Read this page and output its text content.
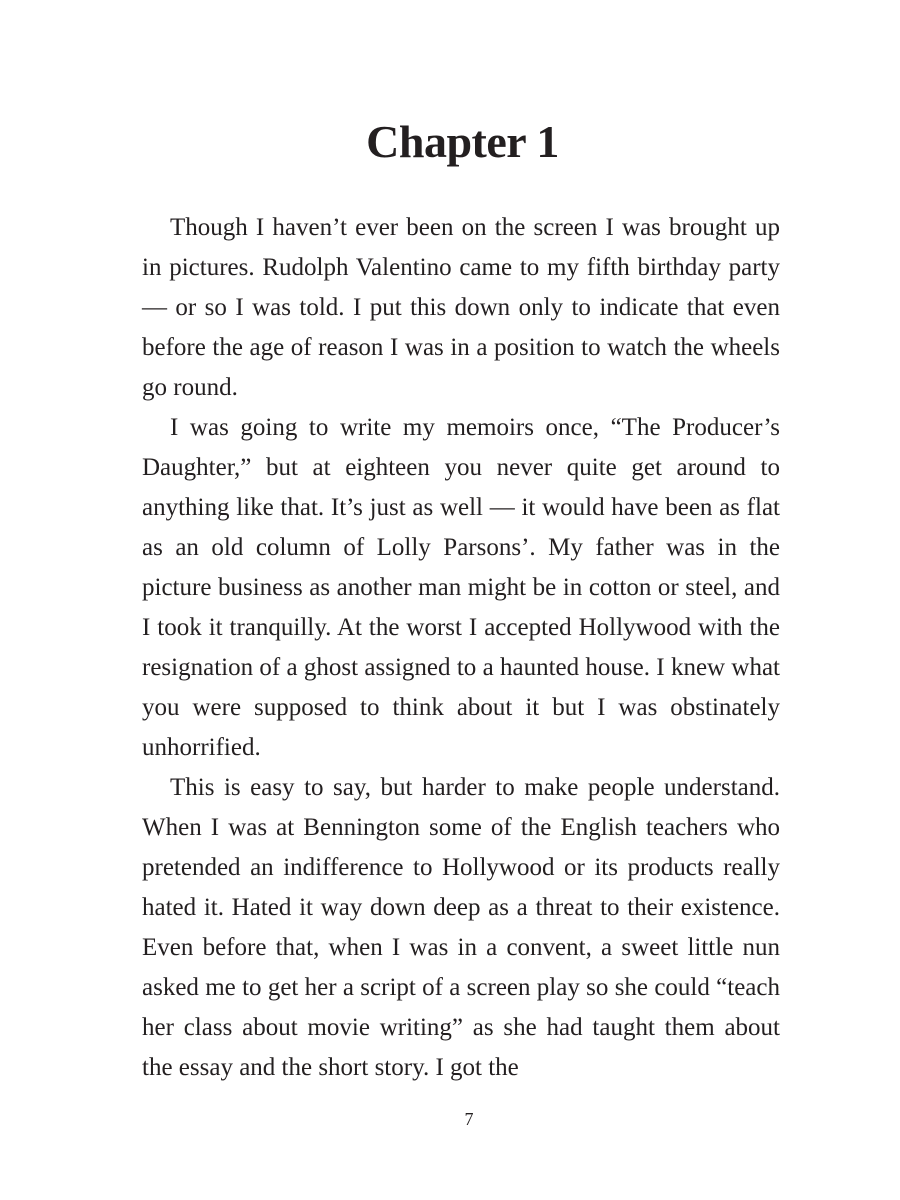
Chapter 1

Though I haven’t ever been on the screen I was brought up in pictures. Rudolph Valentino came to my fifth birthday party — or so I was told. I put this down only to indicate that even before the age of reason I was in a position to watch the wheels go round.

I was going to write my memoirs once, “The Producer’s Daughter,” but at eighteen you never quite get around to anything like that. It’s just as well — it would have been as flat as an old column of Lolly Parsons’. My father was in the picture business as another man might be in cotton or steel, and I took it tranquilly. At the worst I accepted Hollywood with the resignation of a ghost assigned to a haunted house. I knew what you were supposed to think about it but I was obstinately unhorrified.

This is easy to say, but harder to make people understand. When I was at Bennington some of the English teachers who pretended an indifference to Hollywood or its products really hated it. Hated it way down deep as a threat to their existence. Even before that, when I was in a convent, a sweet little nun asked me to get her a script of a screen play so she could “teach her class about movie writing” as she had taught them about the essay and the short story. I got the

7
